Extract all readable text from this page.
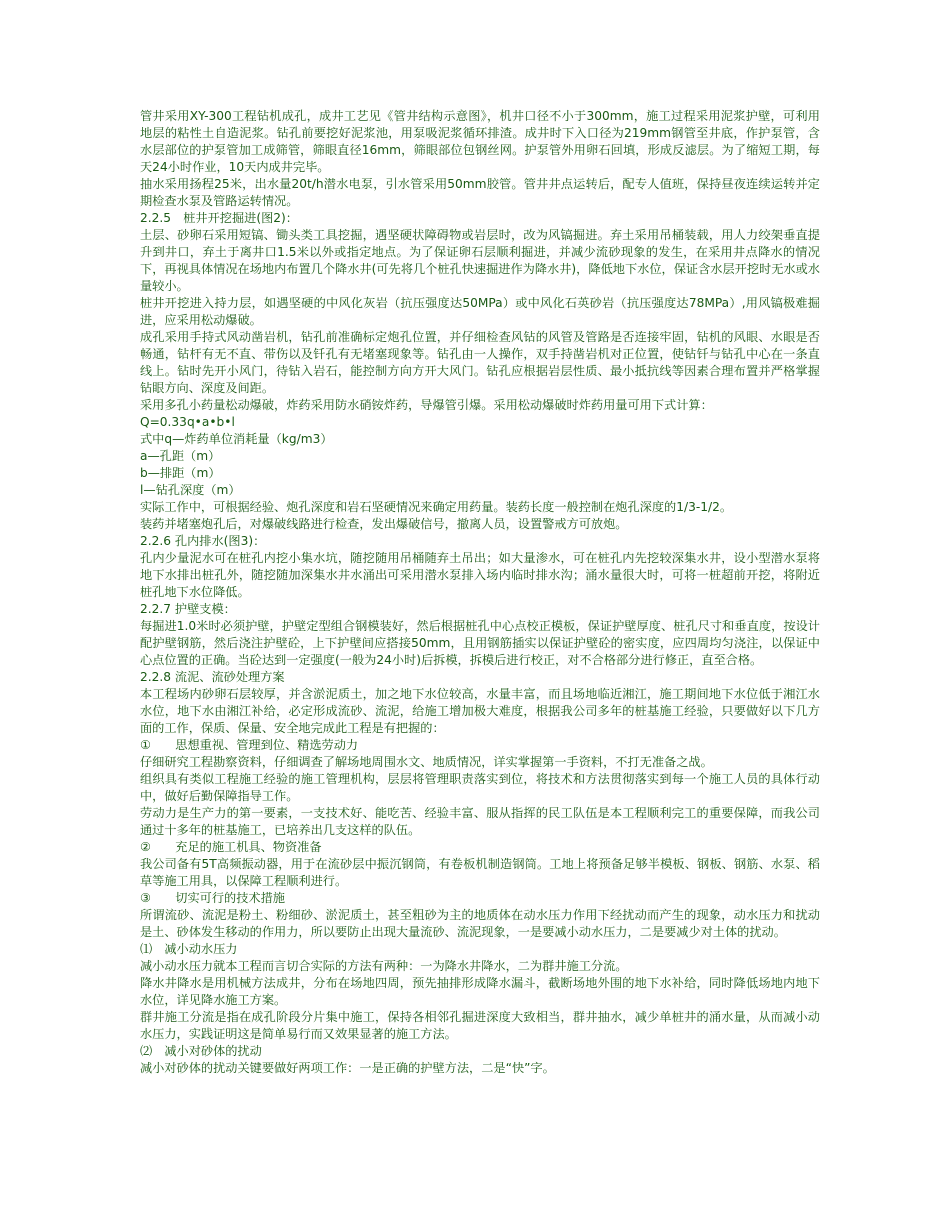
管井采用XY-300工程钻机成孔，成井工艺见《管井结构示意图》，机井口径不小于300mm，施工过程采用泥浆护壁，可利用地层的粘性土自造泥浆。钻孔前要挖好泥浆池，用泵吸泥浆循环排渣。成井时下入口径为219mm钢管至井底，作护泵管，含水层部位的护泵管加工成筛管，筛眼直径16mm，筛眼部位包钢丝网。护泵管外用卵石回填，形成反滤层。为了缩短工期，每天24小时作业，10天内成井完毕。

抽水采用扬程25米，出水量20t/h潜水电泵，引水管采用50mm胶管。管井井点运转后，配专人值班，保持昼夜连续运转并定期检查水泵及管路运转情况。

2.2.5　桩井开挖掘进(图2)：

土层、砂卵石采用短镐、锄头类工具挖掘，遇坚硬状障碍物或岩层时，改为风镐掘进。弃土采用吊桶装载，用人力绞架垂直提升到井口，弃土于离井口1.5米以外或指定地点。为了保证卵石层顺利掘进，并减少流砂现象的发生，在采用井点降水的情况下，再视具体情况在场地内布置几个降水井(可先将几个桩孔快速掘进作为降水井)，降低地下水位，保证含水层开挖时无水或水量较小。

桩井开挖进入持力层，如遇坚硬的中风化灰岩（抗压强度达50MPa）或中风化石英砂岩（抗压强度达78MPa）,用风镐极难掘进，应采用松动爆破。

成孔采用手持式风动凿岩机，钻孔前准确标定炮孔位置，并仔细检查风钻的风管及管路是否连接牢固，钻机的风眼、水眼是否畅通，钻杆有无不直、带伤以及钎孔有无堵塞现象等。钻孔由一人操作，双手持凿岩机对正位置，使钻钎与钻孔中心在一条直线上。钻时先开小风门，待钻入岩石，能控制方向方开大风门。钻孔应根据岩层性质、最小抵抗线等因素合理布置并严格掌握钻眼方向、深度及间距。

采用多孔小药量松动爆破，炸药采用防水硝铵炸药，导爆管引爆。采用松动爆破时炸药用量可用下式计算：

Q=0.33q•a•b•l

式中q—炸药单位消耗量（kg/m3）

a—孔距（m）

b—排距（m）

l—钻孔深度（m）

实际工作中，可根据经验、炮孔深度和岩石坚硬情况来确定用药量。装药长度一般控制在炮孔深度的1/3-1/2。

装药并堵塞炮孔后，对爆破线路进行检查，发出爆破信号，撤离人员，设置警戒方可放炮。

2.2.6 孔内排水(图3)：

孔内少量泥水可在桩孔内挖小集水坑，随挖随用吊桶随弃土吊出；如大量渗水，可在桩孔内先挖较深集水井，设小型潜水泵将地下水排出桩孔外，随挖随加深集水井水涌出可采用潜水泵排入场内临时排水沟；涌水量很大时，可将一桩超前开挖，将附近桩孔地下水位降低。

2.2.7 护壁支模：

每掘进1.0米时必须护壁，护壁定型组合钢模装好，然后根据桩孔中心点校正模板，保证护壁厚度、桩孔尺寸和垂直度，按设计配护壁钢筋，然后浇注护壁砼，上下护壁间应搭接50mm，且用钢筋插实以保证护壁砼的密实度，应四周均匀浇注，以保证中心点位置的正确。当砼达到一定强度(一般为24小时)后拆模，拆模后进行校正，对不合格部分进行修正，直至合格。

2.2.8 流泥、流砂处理方案

本工程场内砂卵石层较厚，并含淤泥质土，加之地下水位较高，水量丰富，而且场地临近湘江，施工期间地下水位低于湘江水水位，地下水由湘江补给，必定形成流砂、流泥，给施工增加极大难度，根据我公司多年的桩基施工经验，只要做好以下几方面的工作，保质、保量、安全地完成此工程是有把握的：

①　　思想重视、管理到位、精选劳动力

仔细研究工程勘察资料，仔细调查了解场地周围水文、地质情况，详实掌握第一手资料，不打无准备之战。

组织具有类似工程施工经验的施工管理机构，层层将管理职责落实到位，将技术和方法贯彻落实到每一个施工人员的具体行动中，做好后勤保障指导工作。

劳动力是生产力的第一要素，一支技术好、能吃苦、经验丰富、服从指挥的民工队伍是本工程顺利完工的重要保障，而我公司通过十多年的桩基施工，已培养出几支这样的队伍。

②　　充足的施工机具、物资准备

我公司备有5T高频振动器，用于在流砂层中振沉钢筒，有卷板机制造钢筒。工地上将预备足够半模板、钢板、钢筋、水泵、稻草等施工用具，以保障工程顺利进行。

③　　切实可行的技术措施

所谓流砂、流泥是粉土、粉细砂、淤泥质土，甚至粗砂为主的地质体在动水压力作用下经扰动而产生的现象，动水压力和扰动是土、砂体发生移动的作用力，所以要防止出现大量流砂、流泥现象，一是要减小动水压力，二是要减少对土体的扰动。

⑴　减小动水压力

减小动水压力就本工程而言切合实际的方法有两种：一为降水井降水，二为群井施工分流。

降水井降水是用机械方法成井，分布在场地四周，预先抽排形成降水漏斗，截断场地外围的地下水补给，同时降低场地内地下水位，详见降水施工方案。

群井施工分流是指在成孔阶段分片集中施工，保持各相邻孔掘进深度大致相当，群井抽水，减少单桩井的涌水量，从而减小动水压力，实践证明这是简单易行而又效果显著的施工方法。

⑵　减小对砂体的扰动

减小对砂体的扰动关键要做好两项工作：一是正确的护壁方法，二是“快”字。
